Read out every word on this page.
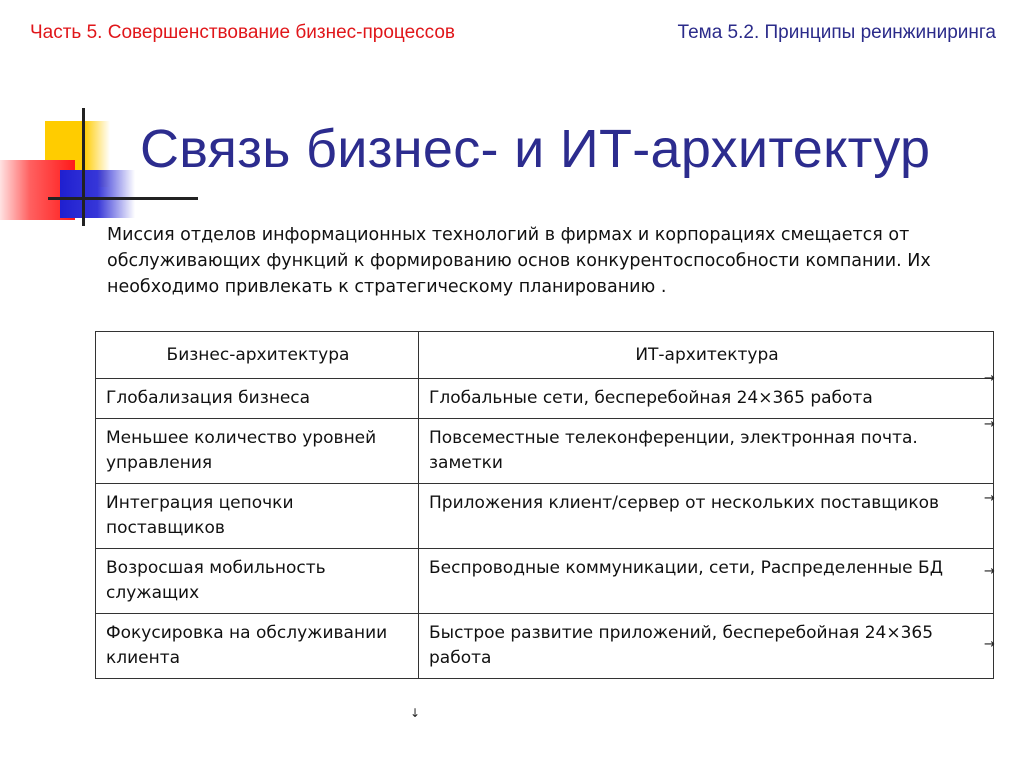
Часть 5. Совершенствование бизнес-процессов	Тема 5.2. Принципы реинжиниринга
Связь бизнес- и ИТ-архитектур
Миссия отделов информационных технологий в фирмах и корпорациях смещается от обслуживающих функций к формированию основ конкурентоспособности компании. Их необходимо привлекать к стратегическому планированию .
Бизнес-архитектура	ИТ-архитектура
Глобализация бизнеса	Глобальные сети, бесперебойная 24×365 работа
Меньшее количество уровней управления	Повсеместные телеконференции, электронная почта. заметки
Интеграция цепочки поставщиков	Приложения клиент/сервер от нескольких поставщиков
Возросшая мобильность служащих	Беспроводные коммуникации, сети, Распределенные БД
Фокусировка на обслуживании клиента	Быстрое развитие приложений, бесперебойная 24×365 работа
→
→
→
→
→
↓
